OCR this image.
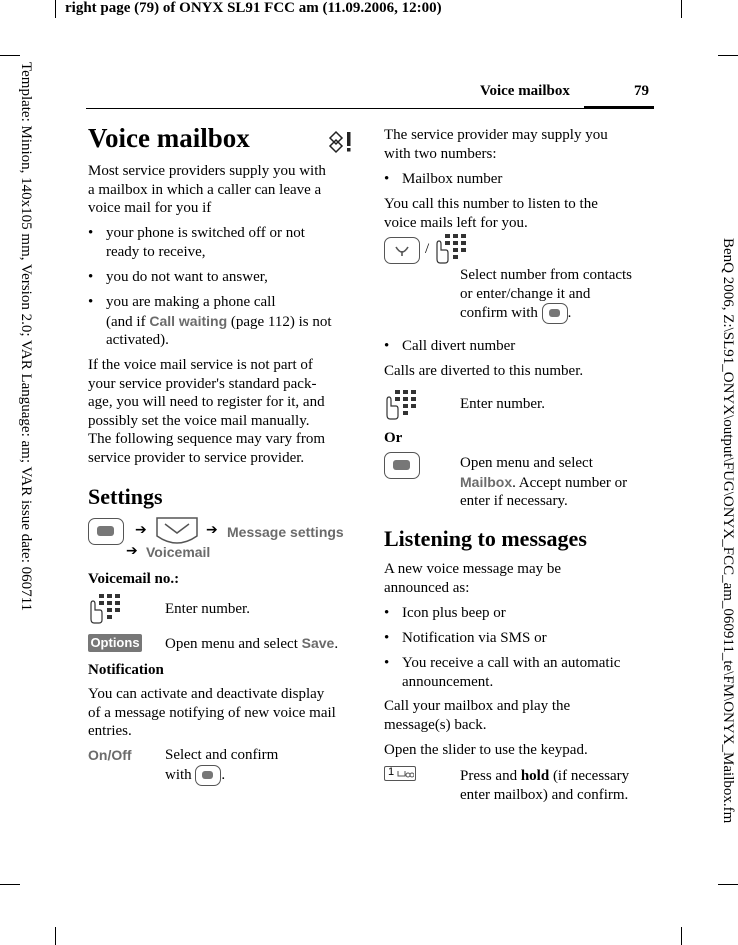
right page (79) of ONYX SL91 FCC am (11.09.2006, 12:00)
Template: Minion, 140x105 mm, Version 2.0; VAR Language: am; VAR issue date: 060711	BenQ 2006, Z:\SL91_ONYX\output\FUG\ONYX_FCC_am_060911_te\FM\ONYX_Mailbox.fm
Voice mailbox	79
Voice mailbox
Most service providers supply you with
a mailbox in which a caller can leave a
voice mail for you if
• your phone is switched off or not
ready to receive,
• you do not want to answer,
• you are making a phone call
(and if Call waiting (page 112) is not
activated).
If the voice mail service is not part of
your service provider's standard pack-
age, you will need to register for it, and
possibly set the voice mail manually.
The following sequence may vary from
service provider to service provider.
Settings
➔	➔ Message settings
➔ Voicemail
Voicemail no.:
Enter number.
Options Open menu and select Save.
Notification
You can activate and deactivate display
of a message notifying of new voice mail
entries.
On/Off Select and confirm
with .
The service provider may supply you
with two numbers:
• Mailbox number
You call this number to listen to the
voice mails left for you.
/
Select number from contacts
or enter/change it and
confirm with .
• Call divert number
Calls are diverted to this number.
Enter number.
Or
Open menu and select
Mailbox. Accept number or
enter if necessary.
Listening to messages
A new voice message may be
announced as:
• Icon plus beep or
• Notification via SMS or
• You receive a call with an automatic
announcement.
Call your mailbox and play the
message(s) back.
Open the slider to use the keypad.
1	Press and hold (if necessary
enter mailbox) and confirm.
